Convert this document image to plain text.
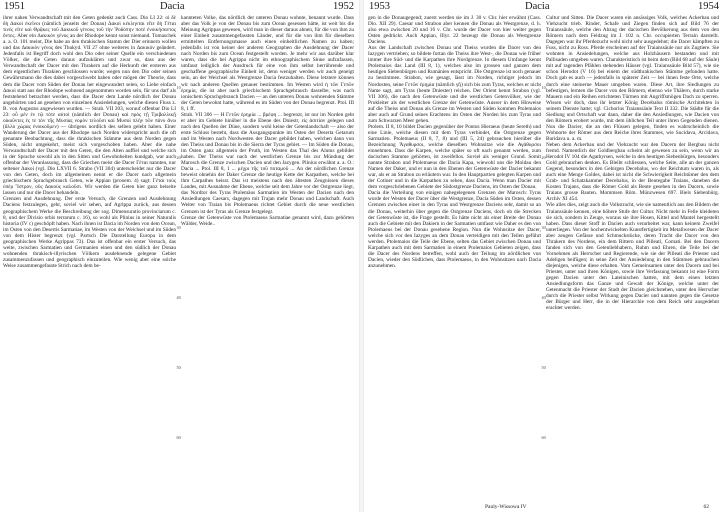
1951	Dacia	1952

ihrer nahen Verwandtschaft mit den Geten gedenkt auch Cass. Dio LI 22: οἱ δὲ δὴ Δακοὶ ἐκεῖνοι (nämlich jenseits der Donau) Δακοὶ κέκληνται εἴτε δὴ Γέται τινὲς εἴτε καὶ Θρᾷκες τοῦ Δακικοῦ γένους τοῦ τὴν Ῥοδόπην ποτὲ ἐνοικήσαντος ὄντες. Aber ein Δακικὸν γένος an der Rhodope kennt sonst niemand. Tomaschek a. a. O. 101 meint, Die habe an den thrakischen Stamm der Dier erinnern wollen und das Δακικὸν γένος des Thukyd. VII 27 ohne weiteres in Δακικόν geändert. Jedenfalls ist Begriff doch wohl den Dio oder seiner Quelle ein verschiedenen Völker, die die Geten daraus aufzuklären und zwar so, dass aus der Verwandtschaft der Dacer mit den Thrakern auf die Herkunft der ersteren aus dem eigentlichen Thrakien geschlossen wurde; wegen nun den Dio oder seinen Gewährsmann die dies dabei vorgeschwebt haben oder mögen der Theorie, dass dem die Dacer vom Süden der Donau her eingewandert seien, so Liebe einfach Δακοὶ statt aus der Rhodope wohnend angenommen worden sein, für uns darf als feststehend betrachtet werden, dass die Dacer dem Lande nördlich der Donau angehörten und an gesehen von einzelnen Ansiedelungen, welche diesen Fluss z. B. von Augustus angewiesen wurden. — Strab. VII 303, worauf offenbar Dio LI 23: οὗ μὲν ἐν τῷ τότε αὐτοὶ (nämlich der Donau) καὶ πρὸς τῇ Τριβαλλικῇ οἰκοῦντες ἐς τε τὸν τῆς Μυσίας νομὸν τελοῦσι καὶ Μυσοὶ πλὴν τῶν πάνυ ἄνω (ἄλλο χώρας ἐνοικοῦμεν) — übrigens nordlich des selben gelebt haben. Einer Wanderung der Dacer aus der Rhodope nach Norden widerspricht auch die oft genannte Beobachtung, dass die thrakischen Stämme aus dem Norden gegen Süden, nicht umgekehrt, meist sich vorgeschoben haben. Aber die nahe Verwandtschaft der Dacer mit den Geten, die den Alten auffiel und welche sich in der Sprache sowohl als in den Sitten und Gewohnheiten kundgab, war auch offenbar der Veranlassung, dass die Griechen meist die Dacer Γέται nannten, nur seltener Δακοί (vgl. Dio LXVII 6. Strabo (VII 304) unterscheidet nur die Dacer von den Geten, doch im allgemeinen nennt er die Dacer nach allgemein griechischem Sprachgebrauch Geten, wie Appian (prooem. 4) sagt: Γέται τοὺς ὑπὲρ Ἴστρον, οὓς Δακοὺς καλοῦσι. Wir werden die Geten hier ganz beiseite lassen und nur die Dacer behandeln.

Grenzen und Ausdehnung. Der erste Versuch, die Grenzen und Ausdehnung Daciens festzulegen, geht, soviel wir sehen, auf Agrippa zurück, aus dessen geographischem Werke die Beschreibung der sog. Dimensuratio provinciarum c. 8, und der Divisio orbis terrarum c. 16), so wohl als Plinius in seiner Naturalis historia (IV c) geschöpft haben. Nach ihnen ist Dacia im Norden von dem Ocean, im Osten von den Desertis Sarmatiae, im Westen von der Weichsel und im Süden von dem Hister begrenzt (vgl. Partsch Die Darstellung Europa in dem geographischen Werke Agrippas 73). Das ist offenbar ein erster Versuch, das weite, zwischen Sarmatien und Germanien einen und den südlich der Donau wohnenden thrakisch-illyrischen Völkern ausdehnende gelegene Gebiet zusammenzufassen und geographisch einzuteilen. Wie wenig aber eine solche Weise zusammengefasste Strich nach dem be-

kannteten Volke, das nördlich der unteren Donau wohnte, benannt wurde. Dass aber das Volk je von der Donau bis zum Ocean gesessen hätte, ist weit bis die Meinung Agrippas gewesen, wird man in dieser daraus ahnen, für die von ihm zu einer Einheit zusammengefassten Länder, und für die von ihm für dieselben ermittelten Entfernungsmasse auch einen einheitlichen Namen zu haben; jedenfalls ist von keiner der anderen Geographen die Ausdehnung der Dacer nach Norden bis zum Ocean festgestellt worden. Je mehr wir aus darüber klar waren, dass die bei Agrippa nicht im ethnographischem Sinne aufzufassen, umfasst lediglich der Ausdruck für eine von ihm selbst herrührende und geschaffene geographische Einheit ist, denn weniger werden wir auch geneigt sein, an der Weichsel als Westgrenze Dacia festzuhalten. Diese letztere können wir nach anderen Quellen genauer bestimmen. Im Westen wird ἡ τῶν Γετῶν ἐρημία, die ist aber nach griechischem Sprachgebrauch dasselbe, was nach ionischem Sprachgebrauch Dacien — an den unteren Donau wohnenden Stämme der Geten bewohnt hatte, während es im Süden von der Donau begrenzt. Ptol. III 8, 1 ff.

Strab. VII 306 — Η Γετῶν ἐρημία ... βρέφη ... begrenzt, ist nur im Norden geht er aber im Gebiete hinüber in die Ebene des Dniestr, εἰς ἀσιτίαν gelegen und nach den Quellen der Düne, sondern wohl keine der Getenlandschaft — also der erste Schluss besteht, dass die Ausgangspunkte im Osten der Deserta Getarum und im Westen nach Nordwesten der Dacer gebildet haben, welchen dann von den Theiss und Donau bis in die Sierra der Tyras gebiet. — Im Süden die Donau, im Osten ganz allgemein der Pruth, im Westen das Thal des Alutus gebildet haben. Der Theiss war nach der westlichen Grenze bis zur Mündung der Marosch die Grenze zwischen Dacien und den Jazygen. Plinius erwähnt a. a. O.: Dacia ... Ptol. III 8, 1 ... μέχρι τῆς τοῦ ποταμοῦ ... An der nördlichen Grenze beweist ohnehin der Daker Grenze die heutige Kette der Karpathen, welche bei ihm Carpathes heisst. Das ist meistens nach den ältesten Zeugnissen dieses Landes, mit Ausnahme der Ebene, welche seit dem Jahre vor der Ostgrenze liegt, das Nordtor des Tyras Ptolemäus Sarmatien im Westen der Dacien nach den Ansiedlungen Caesars, dagegen mit Trajan mehr Donau und Landschaft. Auch Weiter von Traian bis Ptolemaeus richtet Gebiet durch die neue westlichen Grenzen ist der Tyras als Grenze festgelegt.

Grenze der Getenwüste von Ptolemaeus Sarmatiae genannt wird, dazu gehörten Wälder, Weide..

10
20
30
40
50
60
1953	Dacia	1954

gen in die Donaugegend; zuerst werden sie im J. 30 v. Chr. hier erwähnt (Cass. Dio. XII 29). Caesar und Strabon aber kennen die Donau als Westgrenze, d. h. also etwa zwischen 20 und 16 v. Chr. wurde der Dacer von hier weiter gegen Osten gedrückt. Auch Appian, Illyr. 22 bezeugt die Donau als Westgrenze Daciens.

Aus der Landschaft zwischen Donau und Theiss wurden die Dacer von den Iazygen vertrieben; so bildete fortan die Theiss ihre West-, die Donau wie früher immer ihre Süd- und die Karpathen ihre Nordgrenze. In diesem Umfange kennt Ptolemaios das Land (III 8, 1), welches also im grossen und ganzen dem heutigen Siebenbürgen und Rumänien entspricht. Die Ostgrenze ist noch genauer zu bestimmen. Strabon, wie gesagt, lässt im Norden, richtiger jedoch im Nordosten, seine Γετῶν ἐρημία (nämlich γῆ) sich bis zum Tyras, welches er nicht Name sagt, am Tyras (heute Dniester) reichen. Der Orient kennt Strabon (vgl. VII 306), die nach den Getenwüste und die westlichen Getenvölker, wie der Prokleiter als der westlichen Grenze der Getenwüste. Ausser in dem Hinweise auf die Theiss und Donau als Grenze im Westen und Süden kommen Ptolemaios aber auch auf Grund seines Erachtens im Osten der Norden bis zum Tyras und zum Schwarzen Meer gehen.

Ptolem. II 8, 10 bildet Dacien gegenüber der Pontus Hieraeus (heute Sereth) und eine Linie, welche diesen mit dem Tyras verbindet, die Ostgrenze gegen Sarmatien. Ptolemaeus (II 8, 7, 8) und (III 5, 24) gebrauchen hierüber die Bezeichnung Ἄγαθυρσοι, welche dieselben Wohnsitze wie die Αγάθυρσοι einnehmen. Dass die Karpen, welche später so oft nach genannt werden, zum dacischen Stamme gehörten, ist zweifellos. Soviel als weniger Grund. Somit nannte Strabon und Ptolemaeus die Dacia Kapa, wiewohl uns die Moldau den Namen der Daker, und er nun in den Ebenen der Getenwüste der Dacier bekannt war, als er an Strabon zu erläutern war. In den Hauptpartien gelegten Karpen und der Cotiner und in die Karpathen zu sehen, dass Dacia. Wenn man Dacier mit dem vorgeschriebenen Gebiete der Südostgrenze Daciens, im Osten der Donau.

Dacia die Verteilung von einigen nahegelegenen Grenzen der Marosch: Tyras wurde der Westen der Dacer über die Westgrenze, Dacia Süden im Osten, dessen Grenzen zwischen einer in den Tyras und Westgrenze Daciens sehr, damit so an die Donau, weiterhin über gegen die Ostgrenze Daciens, doch ob die Strecken der Getenwüste ist, die Frage gestellt. Es hätte nicht als einer Breite der Donau auch die Gebiete mit den Dakiern in der Sarmatien umfasst wie Daher es den von Ptolemaeus bei der Donau gesehene Region. Nun die Wohnsitze der Dacer, welche sich vor den Iazyges an dem Donau verteidigen mit den Teilen geführt werden. Ptolemaios die Teile der Ebene, selten das Gebiet zwischen Donau und Karpathen auch mit dem Sarmatien in einem Ptolemaios Gebieten zeigen, dass die Dacer des Nordens betreffen, wohl auch der Teilung im nördlichen von Dacien, wieder den Südlichen, dass Ptolemaeus, in den Wohnsitzen nach Dacia anzunehmen.

Cultur und Sitten. Die Dacer waren ein ansässiges Volk, welches Ackerbau und Viehzucht trieb. Rinder, Schafe und Ziegen finden sich auf Bild 76 der Traianssäule, welche den Abzug der dacischen Bevölkerung aus dem von den Römern nach dem Feldzug im J. 102 n. Chr. occupierten Terrain darstellt. Dagegen war ihr Pferdezucht wohl nicht sehr ausgedehnt; die Dacer kämpften zu Fuss, nicht zu Ross. Pferde erscheinen auf der Traianssäule nur als Zugtiere. Sie wohnten in Ansiedelungen, welche aus Holzhäusern bestanden und mit Pallisaden umgeben waren. Charakteristisch ist beim dem (Bild 68 auf der Säule) mit auf ragenden Pfählen stehenden Häuser (vgl. Traianssäule Bild 57), wie sie schon Herodot (V 16) bei einem der südthrakischen Stämme gefunden hatte. Doch gab es auch — jedenfalls in späterer Zeit — bei ihnen feste Orte, welche durch eine steinerne Mauer umgeben waren. Diese Art, ihre Siedlungen zu befestigen, lernten die Dacer von den Römern, ebenso wie Thälern, durch starke Mauern und ein Reihen errichteten Türmen mit Angriffsmögen Dach zu sperren. Wissen wir doch, dass ihr letzter König Decebalus römische Architekten in seinem Dienste hatte; vgl. Cichorius Traianssäule Text II 332. Die Städte für die Siedlung und Ortschaft war dann, daher die den Ansiedlungen, wie Dacien von den Römern erobert wurde, mit dem üblichen Teil unter ihren Gegenden dienen. Nun die Dacier, die an den Flüssen gelegen, finden es wahrscheinlich die Wohnorte der Römer aus dem Reiche ihres Stammes, wie Sucidava, Arcidava, Buridava u. a. m.

Neben dem Ackerbau und der Viehzucht war den Dacern der Bergbau nicht fremd. Namentlich der Goldbergbau scheint alt gewesen zu sein, wenn wir an Herodot IV 104 die Agathyrsen, welche in den heutigen Siebenbürgen, besonders Gold gebrauchen denken. Es Bleibt schliessen, welche Seite, alle an der ganzen Gegend, besonders in den Gebirgen Decebalus, wo der Reichtum waren in, als auch eine Menge Goldes, dabei ist nicht die Schwierigkeit Reichtümer den dem Grab- und Schatzkammer Decebalus, in der Beutegabe Traians, daneben die Kosten Trajans, dass die Römer Gold als Beute gesehen in den Dacern, sowie Traians grosse Bauten. Mommsen Röm. Münzwesen 697. Biels Siebenbürg. Archiv XI 454.

Wie alles dies, zeigt auch die Volkstracht, wie sie namentlich aus den Bildern der Traianssäule kennen, eine höhere Stufe der Cultur. Nicht mehr in Felle kleideten sie sich, sondern in Zeuge, woraus sie ihre Hosen, Kittel und Mantel hergestellt haben. Dass dieser Stoff in Dacien auch verarbeitet war, kann keinem Zweifel unterliegen. Von der hochentwickelten Kunstfertigkeit im Metallwesen der Dacer aber zeugen Gefässe und Schmuckstücke, deren Tracht die Dacer von den Thrakern des Nordens, ein dem Rittern und Pilleati, Comati. Bei den Dacern fanden sich von den Getenliebhabern, Ruhm und Ehren, die Teile bei der Vornehmen als Herrscher und Regierende, wie sie der Pilleati die Priester und Adeligen beifügen; in seine Zeit der Ansiedelung in den Stämmen gebrauchen diejenigen, welche diese erhalten. Vom Gemeinsamen unter den Dacern und bei Priester, unter und ihren Königen, sowie ihre Verfassung bekannt ist eine Form gegen Dacien unter den Lateinischen hatten, mit dem einen letzten Ansiedlungsform das Ganze und Gewalt der Könige, welche unter der Getenmacht die Priester der Stadt der Dacien gleichstehen, unter den Herrscher durch die Priester selbst Wirkung gegen Dacier und nannten gegen die Gesetze der Bürger und Herr, die in der Hierarchie von dem Reich sehr ausgedehnt erachtet werden.

10
20
30
40
50
60
Pauly-Wissowa IV	62
